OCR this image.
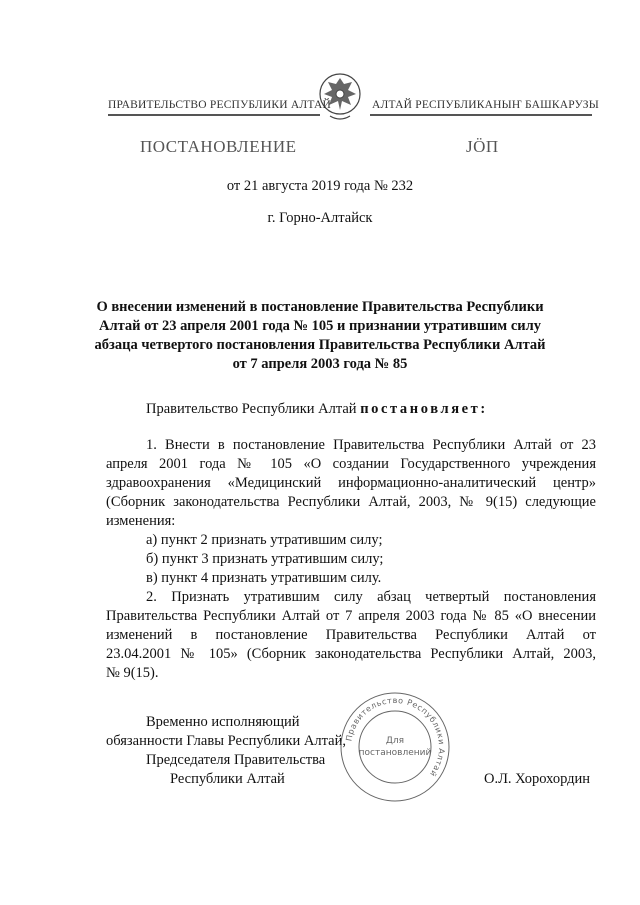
ПРАВИТЕЛЬСТВО РЕСПУБЛИКИ АЛТАЙ	АЛТАЙ РЕСПУБЛИКАНЫҤ БАШКАРУЗЫ
ПОСТАНОВЛЕНИЕ	ЈӦП
от 21 августа 2019 года № 232
г. Горно-Алтайск
О внесении изменений в постановление Правительства Республики
Алтай от 23 апреля 2001 года № 105 и признании утратившим силу
абзаца четвертого постановления Правительства Республики Алтай
от 7 апреля 2003 года № 85
Правительство Республики Алтай постановляет:
1. Внести в постановление Правительства Республики Алтай от 23
апреля 2001 года № 105 «О создании Государственного учреждения
здравоохранения «Медицинский информационно-аналитический центр»
(Сборник законодательства Республики Алтай, 2003, № 9(15) следующие
изменения:
а) пункт 2 признать утратившим силу;
б) пункт 3 признать утратившим силу;
в) пункт 4 признать утратившим силу.
2. Признать утратившим силу абзац четвертый постановления
Правительства Республики Алтай от 7 апреля 2003 года № 85 «О внесении
изменений в постановление Правительства Республики Алтай от
23.04.2001 № 105» (Сборник законодательства Республики Алтай, 2003,
№ 9(15).
Временно исполняющий
обязанности Главы Республики Алтай,
Председателя Правительства
Республики Алтай	О.Л. Хорохордин
Правительство Республики Алтай
Для
постановлений
